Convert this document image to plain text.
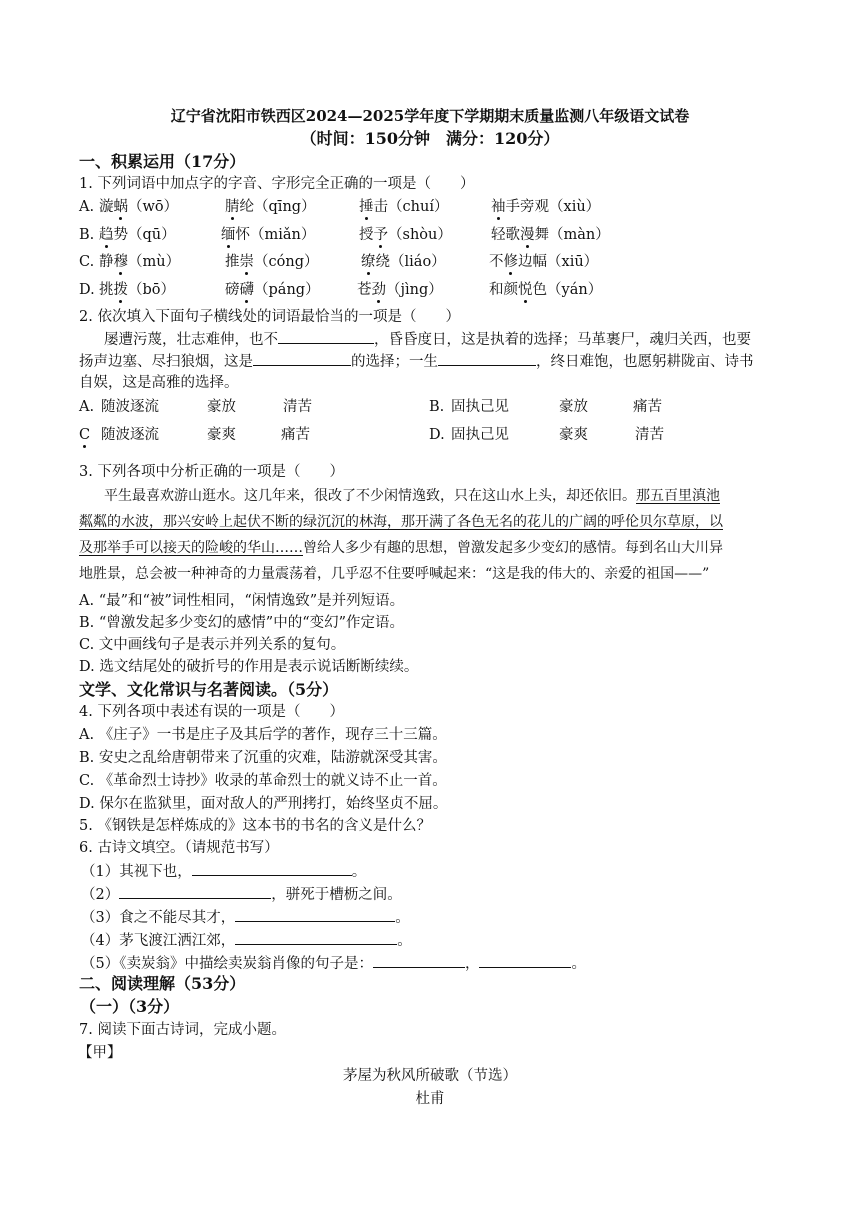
辽宁省沈阳市铁西区2024—2025学年度下学期期末质量监测八年级语文试卷
（时间：150分钟　满分：120分）
一、积累运用（17分）
1. 下列词语中加点字的字音、字形完全正确的一项是（　　）
A. 漩蜗（wō）	腈纶（qīng）	捶击（chuí）	袖手旁观（xiù）
B. 趋势（qū）	缅怀（miǎn）	授予（shòu）	轻歌漫舞（màn）
C. 静穆（mù）	推崇（cóng）	缭绕（liáo）	不修边幅（xiū）
D. 挑拨（bō）	磅礴（páng）	苍劲（jìng）	和颜悦色（yán）
2. 依次填入下面句子横线处的词语最恰当的一项是（　　）
屡遭污蔑，壮志难伸，也不	，昏昏度日，这是执着的选择；马革裹尸，魂归关西，也要
扬声边塞、尽扫狼烟，这是	的选择；一生	，终日难饱，也愿躬耕陇亩、诗书
自娱，这是高雅的选择。
A. 随波逐流	豪放	清苦	B. 固执己见	豪放	痛苦
C 随波逐流	豪爽	痛苦	D. 固执己见	豪爽	清苦
3. 下列各项中分析正确的一项是（　　）
平生最喜欢游山逛水。这几年来，很改了不少闲情逸致，只在这山水上头，却还依旧。那五百里滇池
粼粼的水波，那兴安岭上起伏不断的绿沉沉的林海，那开满了各色无名的花儿的广阔的呼伦贝尔草原，以
及那举手可以接天的险峻的华山……曾给人多少有趣的思想，曾激发起多少变幻的感情。每到名山大川异
地胜景，总会被一种神奇的力量震荡着，几乎忍不住要呼喊起来：“这是我的伟大的、亲爱的祖国——”
A. “最”和“被”词性相同，“闲情逸致”是并列短语。
B. “曾激发起多少变幻的感情”中的“变幻”作定语。
C. 文中画线句子是表示并列关系的复句。
D. 选文结尾处的破折号的作用是表示说话断断续续。
文学、文化常识与名著阅读。（5分）
4. 下列各项中表述有误的一项是（　　）
A. 《庄子》一书是庄子及其后学的著作，现存三十三篇。
B. 安史之乱给唐朝带来了沉重的灾难，陆游就深受其害。
C. 《革命烈士诗抄》收录的革命烈士的就义诗不止一首。
D. 保尔在监狱里，面对敌人的严刑拷打，始终坚贞不屈。
5. 《钢铁是怎样炼成的》这本书的书名的含义是什么？
6. 古诗文填空。（请规范书写）
（1）其视下也，	。
（2）	，骈死于槽枥之间。
（3）食之不能尽其才，	。
（4）茅飞渡江洒江郊，	。
（5）《卖炭翁》中描绘卖炭翁肖像的句子是：	，	。
二、阅读理解（53分）
（一）（3分）
7. 阅读下面古诗词，完成小题。
【甲】
茅屋为秋风所破歌（节选）
杜甫
